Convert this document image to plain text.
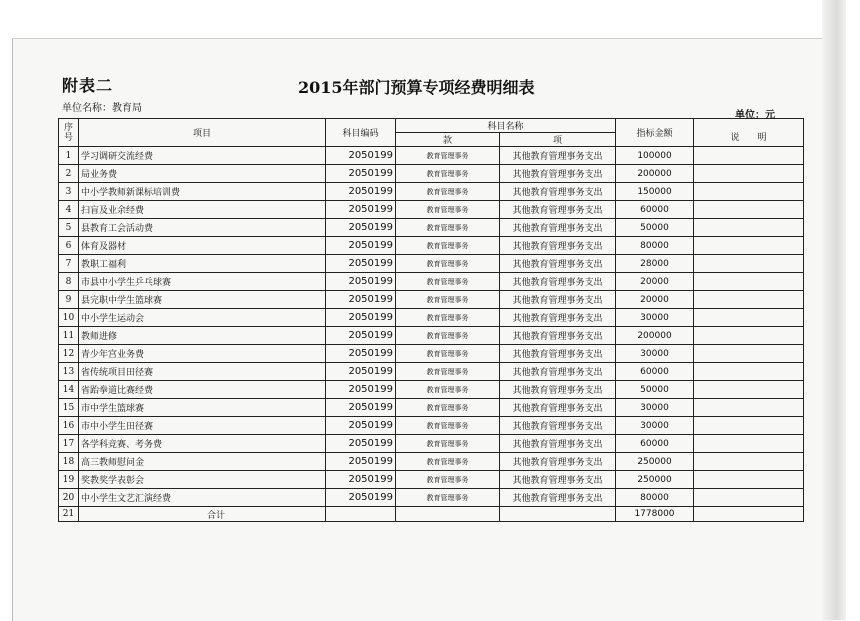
附表二	2015年部门预算专项经费明细表
单位名称：教育局
单位：元
序号	项目	科目编码	科目名称		指标金额	说　　明
			款	项		
1	学习调研交流经费	2050199	教育管理事务	其他教育管理事务支出	100000	
2	局业务费	2050199	教育管理事务	其他教育管理事务支出	200000	
3	中小学教师新课标培训费	2050199	教育管理事务	其他教育管理事务支出	150000	
4	扫盲及业余经费	2050199	教育管理事务	其他教育管理事务支出	60000	
5	县教育工会活动费	2050199	教育管理事务	其他教育管理事务支出	50000	
6	体育及器材	2050199	教育管理事务	其他教育管理事务支出	80000	
7	教职工福利	2050199	教育管理事务	其他教育管理事务支出	28000	
8	市县中小学生乒乓球赛	2050199	教育管理事务	其他教育管理事务支出	20000	
9	县完职中学生篮球赛	2050199	教育管理事务	其他教育管理事务支出	20000	
10	中小学生运动会	2050199	教育管理事务	其他教育管理事务支出	30000	
11	教师进修	2050199	教育管理事务	其他教育管理事务支出	200000	
12	青少年宫业务费	2050199	教育管理事务	其他教育管理事务支出	30000	
13	省传统项目田径赛	2050199	教育管理事务	其他教育管理事务支出	60000	
14	省跆拳道比赛经费	2050199	教育管理事务	其他教育管理事务支出	50000	
15	市中学生篮球赛	2050199	教育管理事务	其他教育管理事务支出	30000	
16	市中小学生田径赛	2050199	教育管理事务	其他教育管理事务支出	30000	
17	各学科竞赛、考务费	2050199	教育管理事务	其他教育管理事务支出	60000	
18	高三教师慰问金	2050199	教育管理事务	其他教育管理事务支出	250000	
19	奖教奖学表彰会	2050199	教育管理事务	其他教育管理事务支出	250000	
20	中小学生文艺汇演经费	2050199	教育管理事务	其他教育管理事务支出	80000	
21	合计				1778000	
